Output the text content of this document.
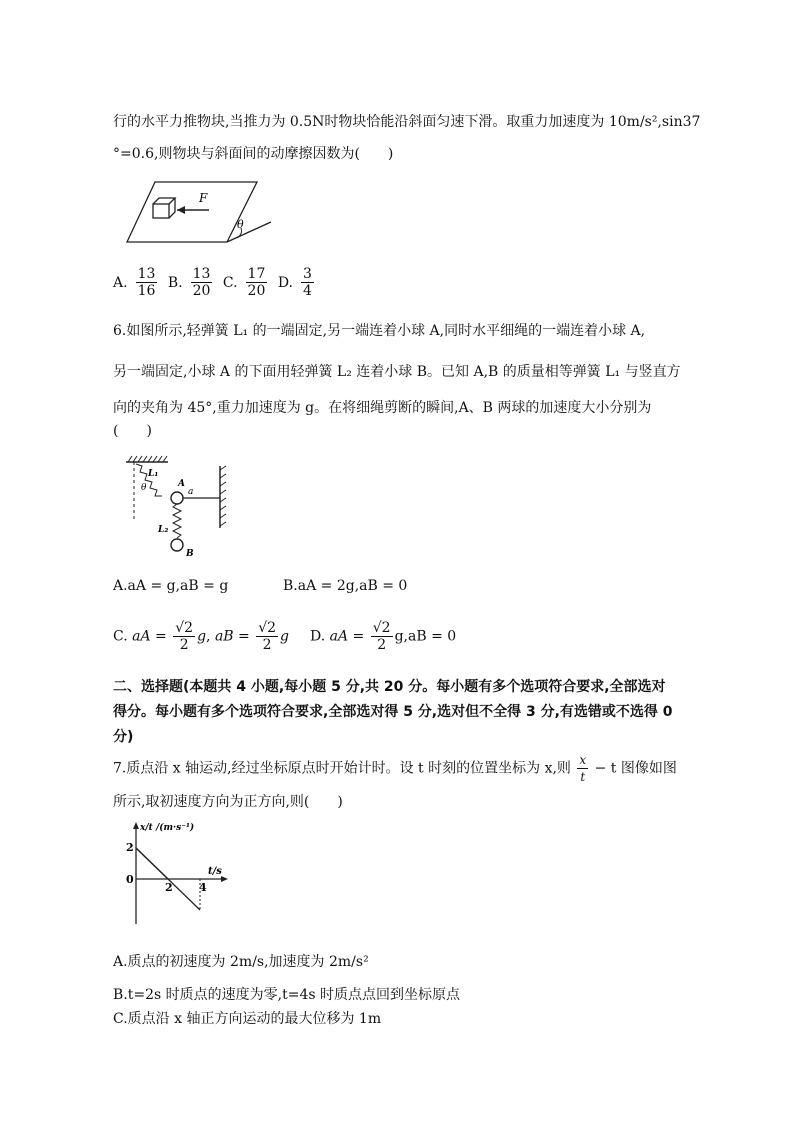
行的水平力推物块,当推力为 0.5N时物块恰能沿斜面匀速下滑。取重力加速度为 10m/s²,sin37
°=0.6,则物块与斜面间的动摩擦因数为(　　)
F
θ
A. $\frac{13}{16} B$. $\frac{13}{20} C$. $\frac{17}{20} D$. $\frac{3}{4}$
6.如图所示,轻弹簧 L₁ 的一端固定,另一端连着小球 A,同时水平细绳的一端连着小球 A,
另一端固定,小球 A 的下面用轻弹簧 L₂ 连着小球 B。已知 A,B 的质量相等弹簧 L₁ 与竖直方
向的夹角为 45°,重力加速度为 g。在将细绳剪断的瞬间,A、B 两球的加速度大小分别为
(　　)
θ
L₁
A
a
L₂
B
A.aA = g,aB = g	B.aA = 2g,aB = 0
C. aA = $\frac{√2}{2} g$, aB = $\frac{√2}{2}$ g D. aA = $\frac{√2}{2} g,aB = 0$
二、选择题(本题共 4 小题,每小题 5 分,共 20 分。每小题有多个选项符合要求,全部选对
得分。每小题有多个选项符合要求,全部选对得 5 分,选对但不全得 3 分,有选错或不选得 0
分)
7.质点沿 x 轴运动,经过坐标原点时开始计时。设 t 时刻的位置坐标为 x,则 $\frac{x}{t} - t$ 图像如图
所示,取初速度方向为正方向,则(　　)
x/t /(m·s⁻¹)
t/s
2
0
2 4
A.质点的初速度为 2m/s,加速度为 2m/s²
B.t=2s 时质点的速度为零,t=4s 时质点点回到坐标原点
C.质点沿 x 轴正方向运动的最大位移为 1m
